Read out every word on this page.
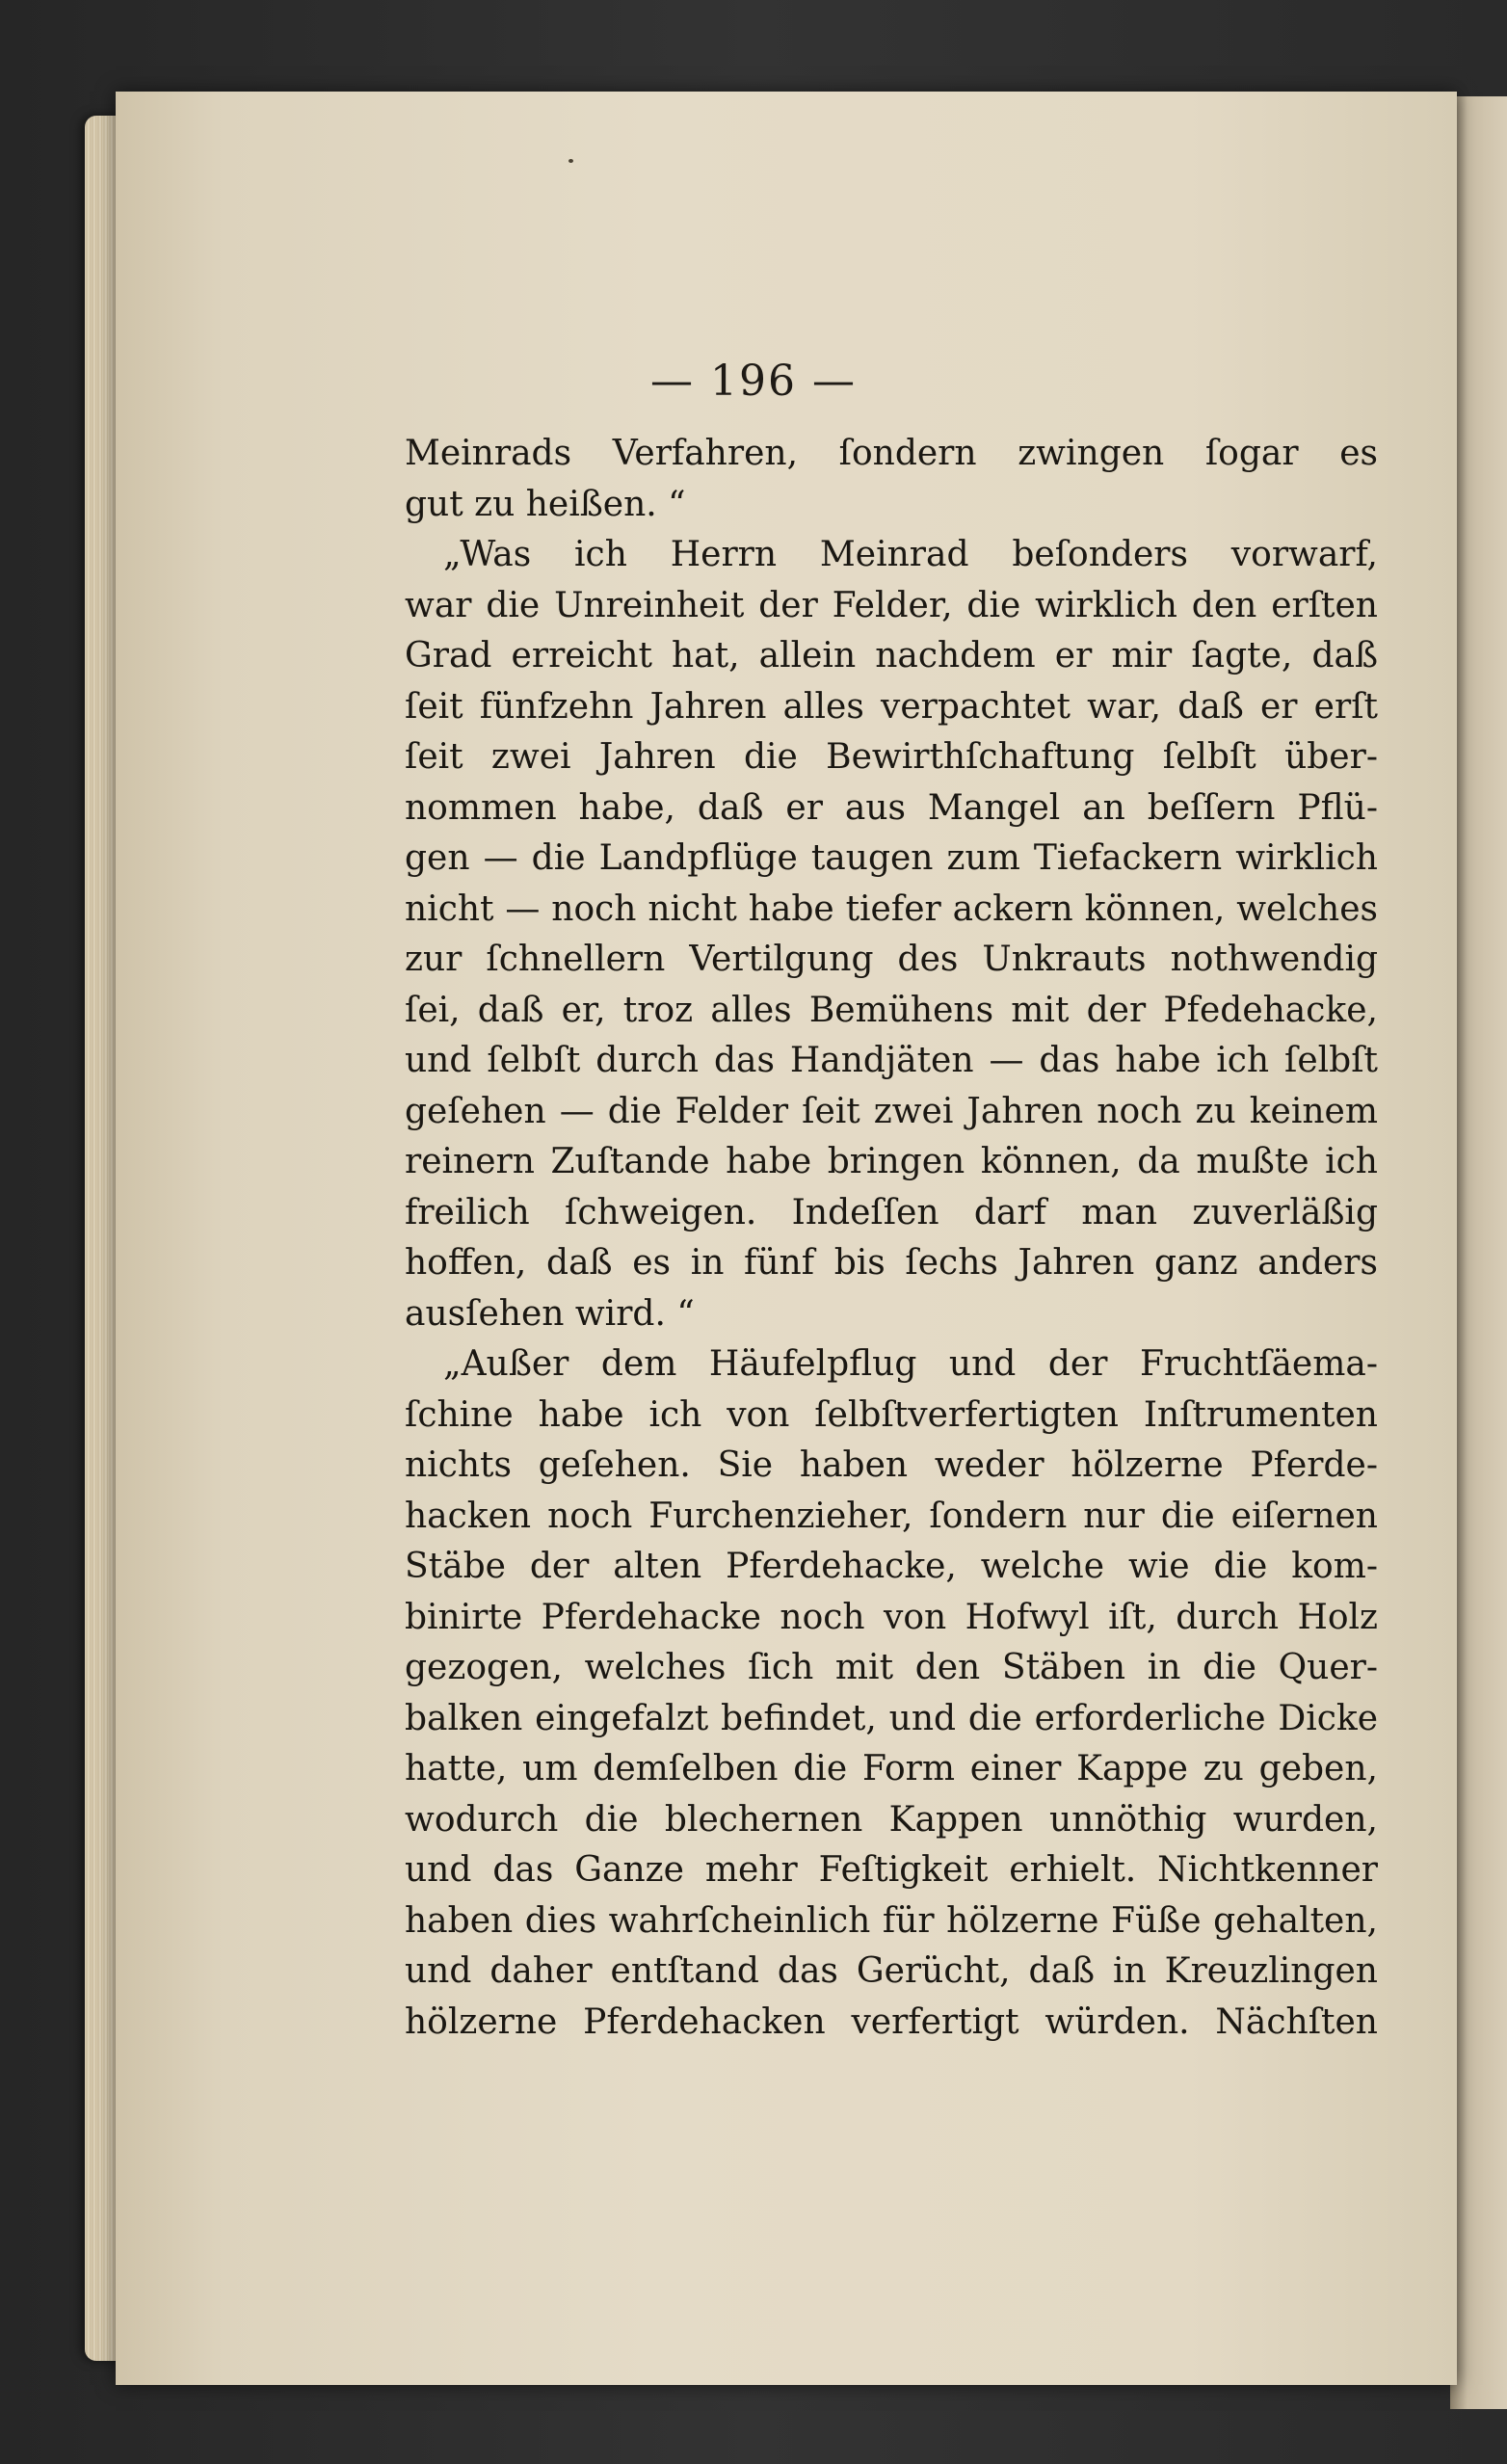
— 196 —
Meinrads Verfahren, ſondern zwingen ſogar es
gut zu heißen. “
„Was ich Herrn Meinrad beſonders vorwarf,
war die Unreinheit der Felder, die wirklich den erſten
Grad erreicht hat, allein nachdem er mir ſagte, daß
ſeit fünfzehn Jahren alles verpachtet war, daß er erſt
ſeit zwei Jahren die Bewirthſchaftung ſelbſt über-
nommen habe, daß er aus Mangel an beſſern Pflü-
gen — die Landpflüge taugen zum Tiefackern wirklich
nicht — noch nicht habe tiefer ackern können, welches
zur ſchnellern Vertilgung des Unkrauts nothwendig
ſei, daß er, troz alles Bemühens mit der Pfedehacke,
und ſelbſt durch das Handjäten — das habe ich ſelbſt
geſehen — die Felder ſeit zwei Jahren noch zu keinem
reinern Zuſtande habe bringen können, da mußte ich
freilich ſchweigen. Indeſſen darf man zuverläßig
hoffen, daß es in fünf bis ſechs Jahren ganz anders
ausſehen wird. “
„Außer dem Häufelpflug und der Fruchtſäema-
ſchine habe ich von ſelbſtverfertigten Inſtrumenten
nichts geſehen. Sie haben weder hölzerne Pferde-
hacken noch Furchenzieher, ſondern nur die eiſernen
Stäbe der alten Pferdehacke, welche wie die kom-
binirte Pferdehacke noch von Hofwyl iſt, durch Holz
gezogen, welches ſich mit den Stäben in die Quer-
balken eingefalzt befindet, und die erforderliche Dicke
hatte, um demſelben die Form einer Kappe zu geben,
wodurch die blechernen Kappen unnöthig wurden,
und das Ganze mehr Feſtigkeit erhielt. Nichtkenner
haben dies wahrſcheinlich für hölzerne Füße gehalten,
und daher entſtand das Gerücht, daß in Kreuzlingen
hölzerne Pferdehacken verfertigt würden. Nächſten
